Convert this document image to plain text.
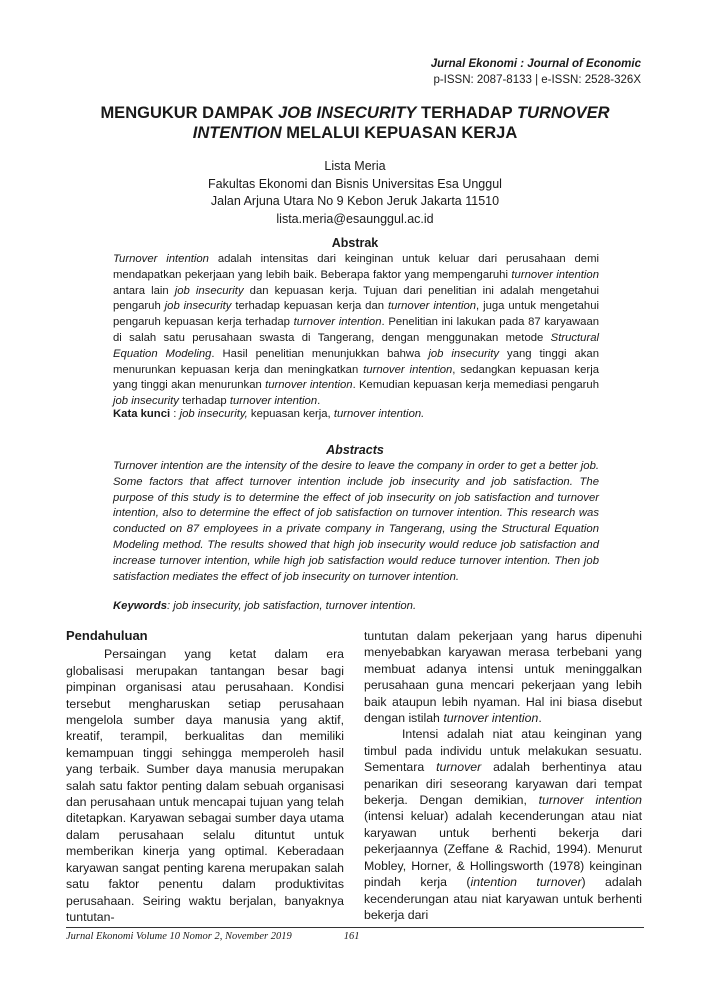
Jurnal Ekonomi : Journal of Economic
p-ISSN: 2087-8133 | e-ISSN: 2528-326X
MENGUKUR DAMPAK JOB INSECURITY TERHADAP TURNOVER INTENTION MELALUI KEPUASAN KERJA
Lista Meria
Fakultas Ekonomi dan Bisnis Universitas Esa Unggul
Jalan Arjuna Utara No 9 Kebon Jeruk Jakarta 11510
lista.meria@esaunggul.ac.id
Abstrak
Turnover intention adalah intensitas dari keinginan untuk keluar dari perusahaan demi mendapatkan pekerjaan yang lebih baik. Beberapa faktor yang mempengaruhi turnover intention antara lain job insecurity dan kepuasan kerja. Tujuan dari penelitian ini adalah mengetahui pengaruh job insecurity terhadap kepuasan kerja dan turnover intention, juga untuk mengetahui pengaruh kepuasan kerja terhadap turnover intention. Penelitian ini lakukan pada 87 karyawaan di salah satu perusahaan swasta di Tangerang, dengan menggunakan metode Structural Equation Modeling. Hasil penelitian menunjukkan bahwa job insecurity yang tinggi akan menurunkan kepuasan kerja dan meningkatkan turnover intention, sedangkan kepuasan kerja yang tinggi akan menurunkan turnover intention. Kemudian kepuasan kerja memediasi pengaruh job insecurity terhadap turnover intention.
Kata kunci : job insecurity, kepuasan kerja, turnover intention.
Abstracts
Turnover intention are the intensity of the desire to leave the company in order to get a better job. Some factors that affect turnover intention include job insecurity and job satisfaction. The purpose of this study is to determine the effect of job insecurity on job satisfaction and turnover intention, also to determine the effect of job satisfaction on turnover intention. This research was conducted on 87 employees in a private company in Tangerang, using the Structural Equation Modeling method. The results showed that high job insecurity would reduce job satisfaction and increase turnover intention, while high job satisfaction would reduce turnover intention. Then job satisfaction mediates the effect of job insecurity on turnover intention.
Keywords: job insecurity, job satisfaction, turnover intention.
Pendahuluan

Persaingan yang ketat dalam era globalisasi merupakan tantangan besar bagi pimpinan organisasi atau perusahaan. Kondisi tersebut mengharuskan setiap perusahaan mengelola sumber daya manusia yang aktif, kreatif, terampil, berkualitas dan memiliki kemampuan tinggi sehingga memperoleh hasil yang terbaik. Sumber daya manusia merupakan salah satu faktor penting dalam sebuah organisasi dan perusahaan untuk mencapai tujuan yang telah ditetapkan. Karyawan sebagai sumber daya utama dalam perusahaan selalu dituntut untuk memberikan kinerja yang optimal. Keberadaan karyawan sangat penting karena merupakan salah satu faktor penentu dalam produktivitas perusahaan. Seiring waktu berjalan, banyaknya tuntutan-

tuntutan dalam pekerjaan yang harus dipenuhi menyebabkan karyawan merasa terbebani yang membuat adanya intensi untuk meninggalkan perusahaan guna mencari pekerjaan yang lebih baik ataupun lebih nyaman. Hal ini biasa disebut dengan istilah turnover intention.

Intensi adalah niat atau keinginan yang timbul pada individu untuk melakukan sesuatu. Sementara turnover adalah berhentinya atau penarikan diri seseorang karyawan dari tempat bekerja. Dengan demikian, turnover intention (intensi keluar) adalah kecenderungan atau niat karyawan untuk berhenti bekerja dari pekerjaannya (Zeffane & Rachid, 1994). Menurut Mobley, Horner, & Hollingsworth (1978) keinginan pindah kerja (intention turnover) adalah kecenderungan atau niat karyawan untuk berhenti bekerja dari

Jurnal Ekonomi Volume 10 Nomor 2, November 2019	161
